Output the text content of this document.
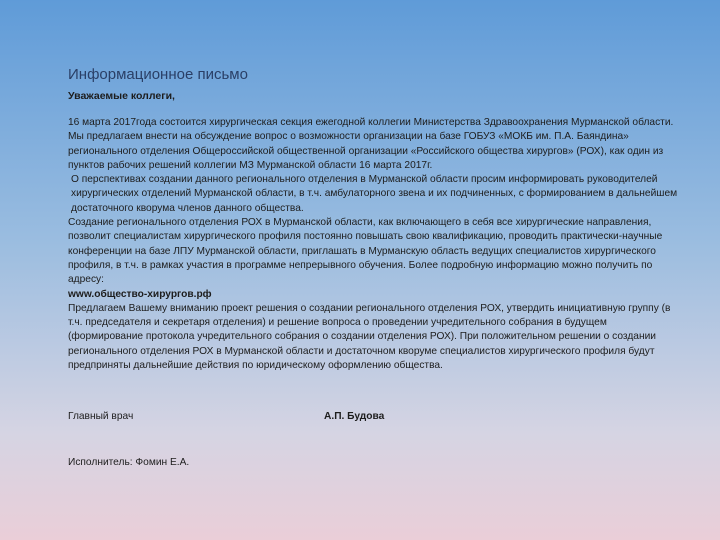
Информационное письмо

Уважаемые коллеги,

16 марта 2017года состоится хирургическая секция ежегодной коллегии Министерства Здравоохранения Мурманской области. Мы предлагаем внести на обсуждение вопрос о возможности организации на базе ГОБУЗ «МОКБ им. П.А. Баяндина» регионального отделения Общероссийской общественной организации «Российского общества хирургов» (РОХ), как один из пунктов рабочих решений коллегии МЗ Мурманской области 16 марта 2017г.

О перспективах создании данного регионального отделения в Мурманской области просим информировать руководителей хирургических отделений Мурманской области, в т.ч. амбулаторного звена и их подчиненных, с формированием в дальнейшем достаточного кворума членов данного общества.

Создание регионального отделения РОХ в Мурманской области, как включающего в себя все хирургические направления, позволит специалистам хирургического профиля постоянно повышать свою квалификацию, проводить практически-научные конференции на базе ЛПУ Мурманской области, приглашать в Мурманскую область ведущих специалистов хирургического профиля, в т.ч. в рамках участия в программе непрерывного обучения. Более подробную информацию можно получить по адресу:

www.общество-хирургов.рф

Предлагаем Вашему вниманию проект решения о создании регионального отделения РОХ, утвердить инициативную группу (в т.ч. председателя и секретаря отделения) и решение вопроса о проведении учредительного собрания в будущем (формирование протокола учредительного собрания о создании отделения РОХ). При положительном решении о создании регионального отделения РОХ в Мурманской области и достаточном кворуме специалистов хирургического профиля будут предприняты дальнейшие действия по юридическому оформлению общества.

Главный врач	А.П. Будова
Исполнитель: Фомин Е.А.
